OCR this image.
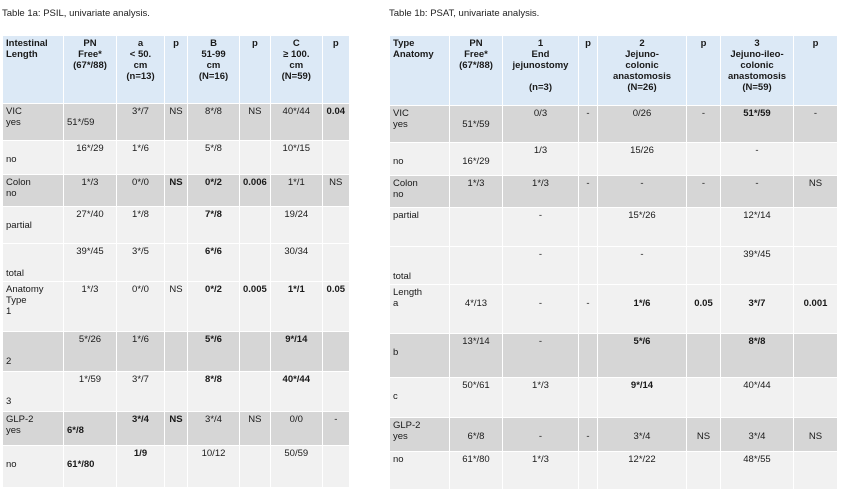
Table 1a: PSIL, univariate analysis.	Table 1b: PSAT, univariate analysis.
Intestinal
Length	PN
Free*
(67*/88)	a
< 50.
cm
(n=13)	p	B
51-99
cm
(N=16)	p	C
≥ 100.
cm
(N=59)	p

VIC
yes	51*/59	3*/7	NS	8*/8	NS	40*/44	0.04

no	16*/29	1*/6		5*/8		10*/15	

Colon
no	1*/3	0*/0	NS	0*/2	0.006	1*/1	NS

partial	27*/40	1*/8		7*/8		19/24	

total	39*/45	3*/5		6*/6		30/34	

Anatomy
Type
1	1*/3	0*/0	NS	0*/2	0.005	1*/1	0.05

2	5*/26	1*/6		5*/6		9*/14	

3	1*/59	3*/7		8*/8		40*/44	

GLP-2
yes	6*/8	3*/4	NS	3*/4	NS	0/0	-

no	61*/80	1/9		10/12		50/59	

Type
Anatomy	PN
Free*
(67*/88)	1
End
jejunostomy
(n=3)	p	2
Jejuno-
colonic
anastomosis
(N=26)	p	3
Jejuno-ileo-
colonic
anastomosis
(N=59)	p

VIC
yes	51*/59	0/3	-	0/26	-	51*/59	-

no	16*/29	1/3		15/26		-	

Colon
no	1*/3	1*/3	-	-	-	-	NS

partial		-		15*/26		12*/14	

total		-		-		39*/45	

Length
a	4*/13	-	-	1*/6	0.05	3*/7	0.001

b	13*/14	-		5*/6		8*/8	

c	50*/61	1*/3		9*/14		40*/44	

GLP-2
yes	6*/8	-	-	3*/4	NS	3*/4	NS

no	61*/80	1*/3		12*/22		48*/55	
